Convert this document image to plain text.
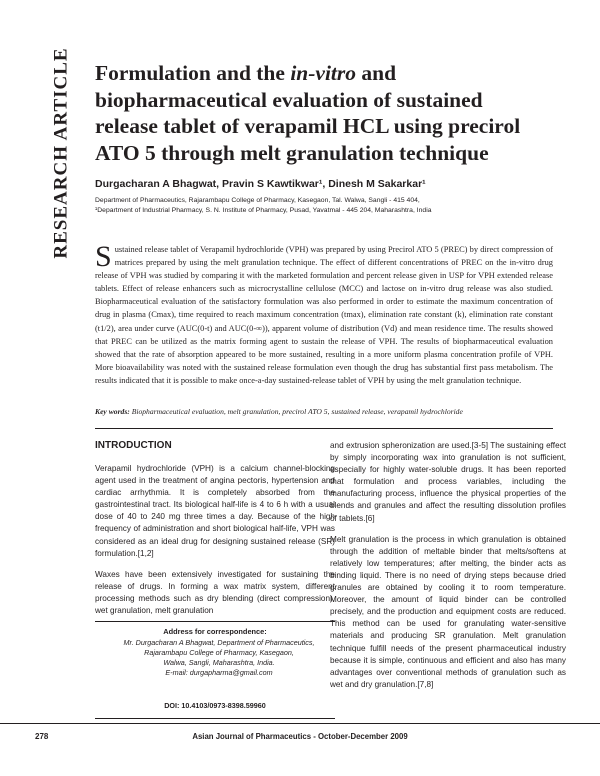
RESEARCH ARTICLE Formulation and the in-vitro and biopharmaceutical evaluation of sustained release tablet of verapamil HCL using precirol ATO 5 through melt granulation technique
Durgacharan A Bhagwat, Pravin S Kawtikwar¹, Dinesh M Sakarkar¹
Department of Pharmaceutics, Rajarambapu College of Pharmacy, Kasegaon, Tal. Walwa, Sangli - 415 404,
¹Department of Industrial Pharmacy, S. N. Institute of Pharmacy, Pusad, Yavatmal - 445 204, Maharashtra, India
Sustained release tablet of Verapamil hydrochloride (VPH) was prepared by using Precirol ATO 5 (PREC) by direct compression of matrices prepared by using the melt granulation technique. The effect of different concentrations of PREC on the in-vitro drug release of VPH was studied by comparing it with the marketed formulation and percent release given in USP for VPH extended release tablets. Effect of release enhancers such as microcrystalline cellulose (MCC) and lactose on in-vitro drug release was also studied. Biopharmaceutical evaluation of the satisfactory formulation was also performed in order to estimate the maximum concentration of drug in plasma (Cmax), time required to reach maximum concentration (tmax), elimination rate constant (k), elimination rate constant (t1/2), area under curve (AUC(0-t) and AUC(0-∞)), apparent volume of distribution (Vd) and mean residence time. The results showed that PREC can be utilized as the matrix forming agent to sustain the release of VPH. The results of biopharmaceutical evaluation showed that the rate of absorption appeared to be more sustained, resulting in a more uniform plasma concentration profile of VPH. More bioavailability was noted with the sustained release formulation even though the drug has substantial first pass metabolism. The results indicated that it is possible to make once-a-day sustained-release tablet of VPH by using the melt granulation technique.
Key words: Biopharmaceutical evaluation, melt granulation, precirol ATO 5, sustained release, verapamil hydrochloride
INTRODUCTION

Verapamil hydrochloride (VPH) is a calcium channel-blocking agent used in the treatment of angina pectoris, hypertension and cardiac arrhythmia. It is completely absorbed from the gastrointestinal tract. Its biological half-life is 4 to 6 h with a usual dose of 40 to 240 mg three times a day. Because of the high frequency of administration and short biological half-life, VPH was considered as an ideal drug for designing sustained release (SR) formulation.[1,2]

Waxes have been extensively investigated for sustaining the release of drugs. In forming a wax matrix system, different processing methods such as dry blending (direct compression), wet granulation, melt granulation

and extrusion spheronization are used.[3-5] The sustaining effect by simply incorporating wax into granulation is not sufficient, especially for highly water-soluble drugs. It has been reported that formulation and process variables, including the manufacturing process, influence the physical properties of the blends and granules and affect the resulting dissolution profiles of tablets.[6]

Melt granulation is the process in which granulation is obtained through the addition of meltable binder that melts/softens at relatively low temperatures; after melting, the binder acts as binding liquid. There is no need of drying steps because dried granules are obtained by cooling it to room temperature. Moreover, the amount of liquid binder can be controlled precisely, and the production and equipment costs are reduced. This method can be used for granulating water-sensitive materials and producing SR granulation. Melt granulation technique fulfill needs of the present pharmaceutical industry because it is simple, continuous and efficient and also has many advantages over conventional methods of granulation such as wet and dry granulation.[7,8]

Address for correspondence:
Mr. Durgacharan A Bhagwat, Department of Pharmaceutics,
Rajarambapu College of Pharmacy, Kasegaon,
Walwa, Sangli, Maharashtra, India.
E-mail: durgapharma@gmail.com
DOI: 10.4103/0973-8398.59960
278	Asian Journal of Pharmaceutics - October-December 2009
